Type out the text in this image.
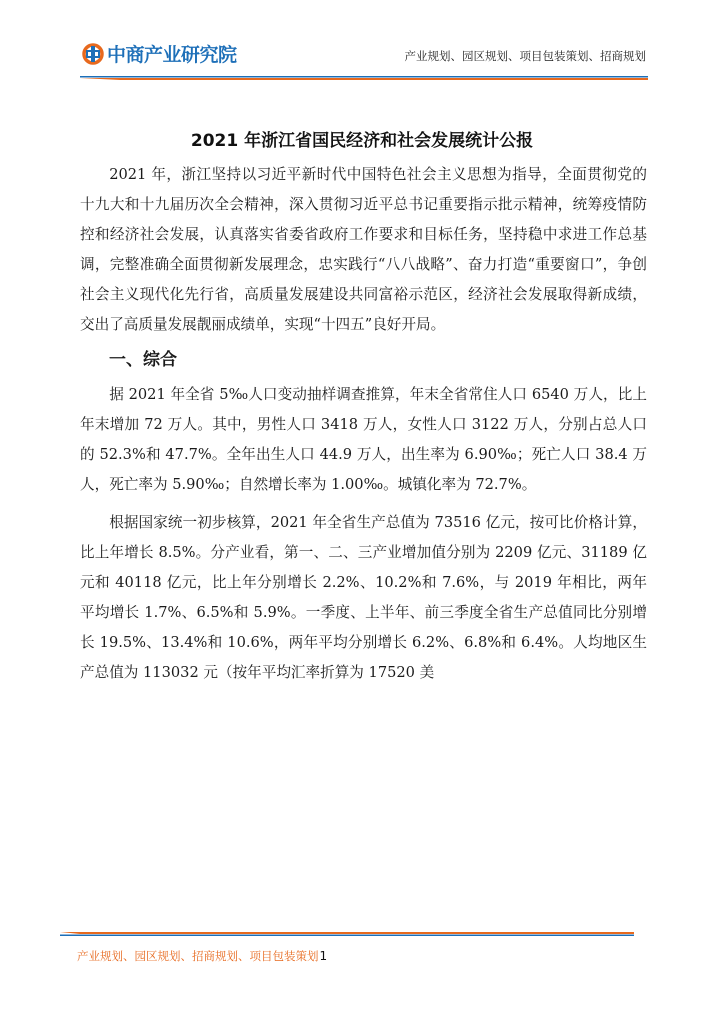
中商产业研究院	产业规划、园区规划、项目包装策划、招商规划
2021 年浙江省国民经济和社会发展统计公报

2021 年，浙江坚持以习近平新时代中国特色社会主义思想为指导，全面贯彻党的十九大和十九届历次全会精神，深入贯彻习近平总书记重要指示批示精神，统筹疫情防控和经济社会发展，认真落实省委省政府工作要求和目标任务，坚持稳中求进工作总基调，完整准确全面贯彻新发展理念，忠实践行“八八战略”、奋力打造“重要窗口”，争创社会主义现代化先行省，高质量发展建设共同富裕示范区，经济社会发展取得新成绩，交出了高质量发展靓丽成绩单，实现“十四五”良好开局。

一、综合

据 2021 年全省 5‰人口变动抽样调查推算，年末全省常住人口 6540 万人，比上年末增加 72 万人。其中，男性人口 3418 万人，女性人口 3122 万人，分别占总人口的 52.3%和 47.7%。全年出生人口 44.9 万人，出生率为 6.90‰；死亡人口 38.4 万人，死亡率为 5.90‰；自然增长率为 1.00‰。城镇化率为 72.7%。

根据国家统一初步核算，2021 年全省生产总值为 73516 亿元，按可比价格计算，比上年增长 8.5%。分产业看，第一、二、三产业增加值分别为 2209 亿元、31189 亿元和 40118 亿元，比上年分别增长 2.2%、10.2%和 7.6%，与 2019 年相比，两年平均增长 1.7%、6.5%和 5.9%。一季度、上半年、前三季度全省生产总值同比分别增长 19.5%、13.4%和 10.6%，两年平均分别增长 6.2%、6.8%和 6.4%。人均地区生产总值为 113032 元（按年平均汇率折算为 17520 美

产业规划、园区规划、招商规划、项目包装策划1
